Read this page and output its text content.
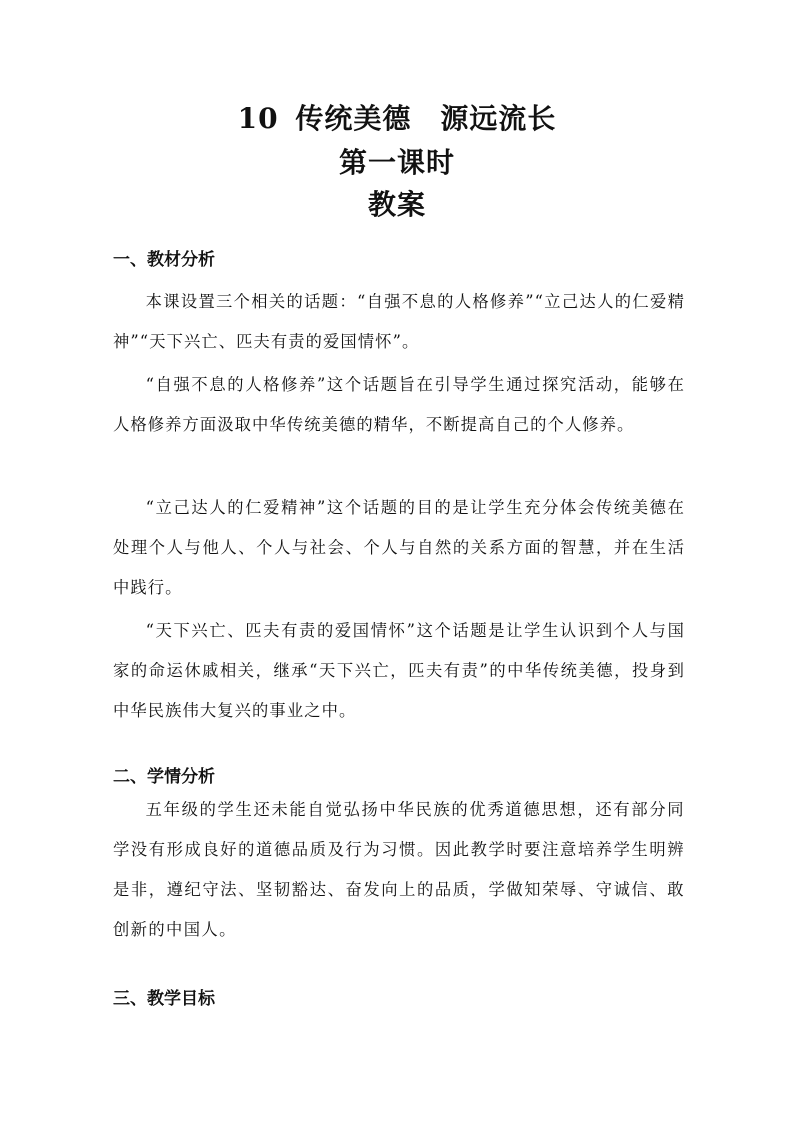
10 传统美德　源远流长
第一课时
教案
一、教材分析

本课设置三个相关的话题：“自强不息的人格修养”“立己达人的仁爱精神”“天下兴亡、匹夫有责的爱国情怀”。

“自强不息的人格修养”这个话题旨在引导学生通过探究活动，能够在人格修养方面汲取中华传统美德的精华，不断提高自己的个人修养。

“立己达人的仁爱精神”这个话题的目的是让学生充分体会传统美德在处理个人与他人、个人与社会、个人与自然的关系方面的智慧，并在生活中践行。

“天下兴亡、匹夫有责的爱国情怀”这个话题是让学生认识到个人与国家的命运休戚相关，继承“天下兴亡，匹夫有责”的中华传统美德，投身到中华民族伟大复兴的事业之中。

二、学情分析

五年级的学生还未能自觉弘扬中华民族的优秀道德思想，还有部分同学没有形成良好的道德品质及行为习惯。因此教学时要注意培养学生明辨是非，遵纪守法、坚韧豁达、奋发向上的品质，学做知荣辱、守诚信、敢创新的中国人。

三、教学目标
